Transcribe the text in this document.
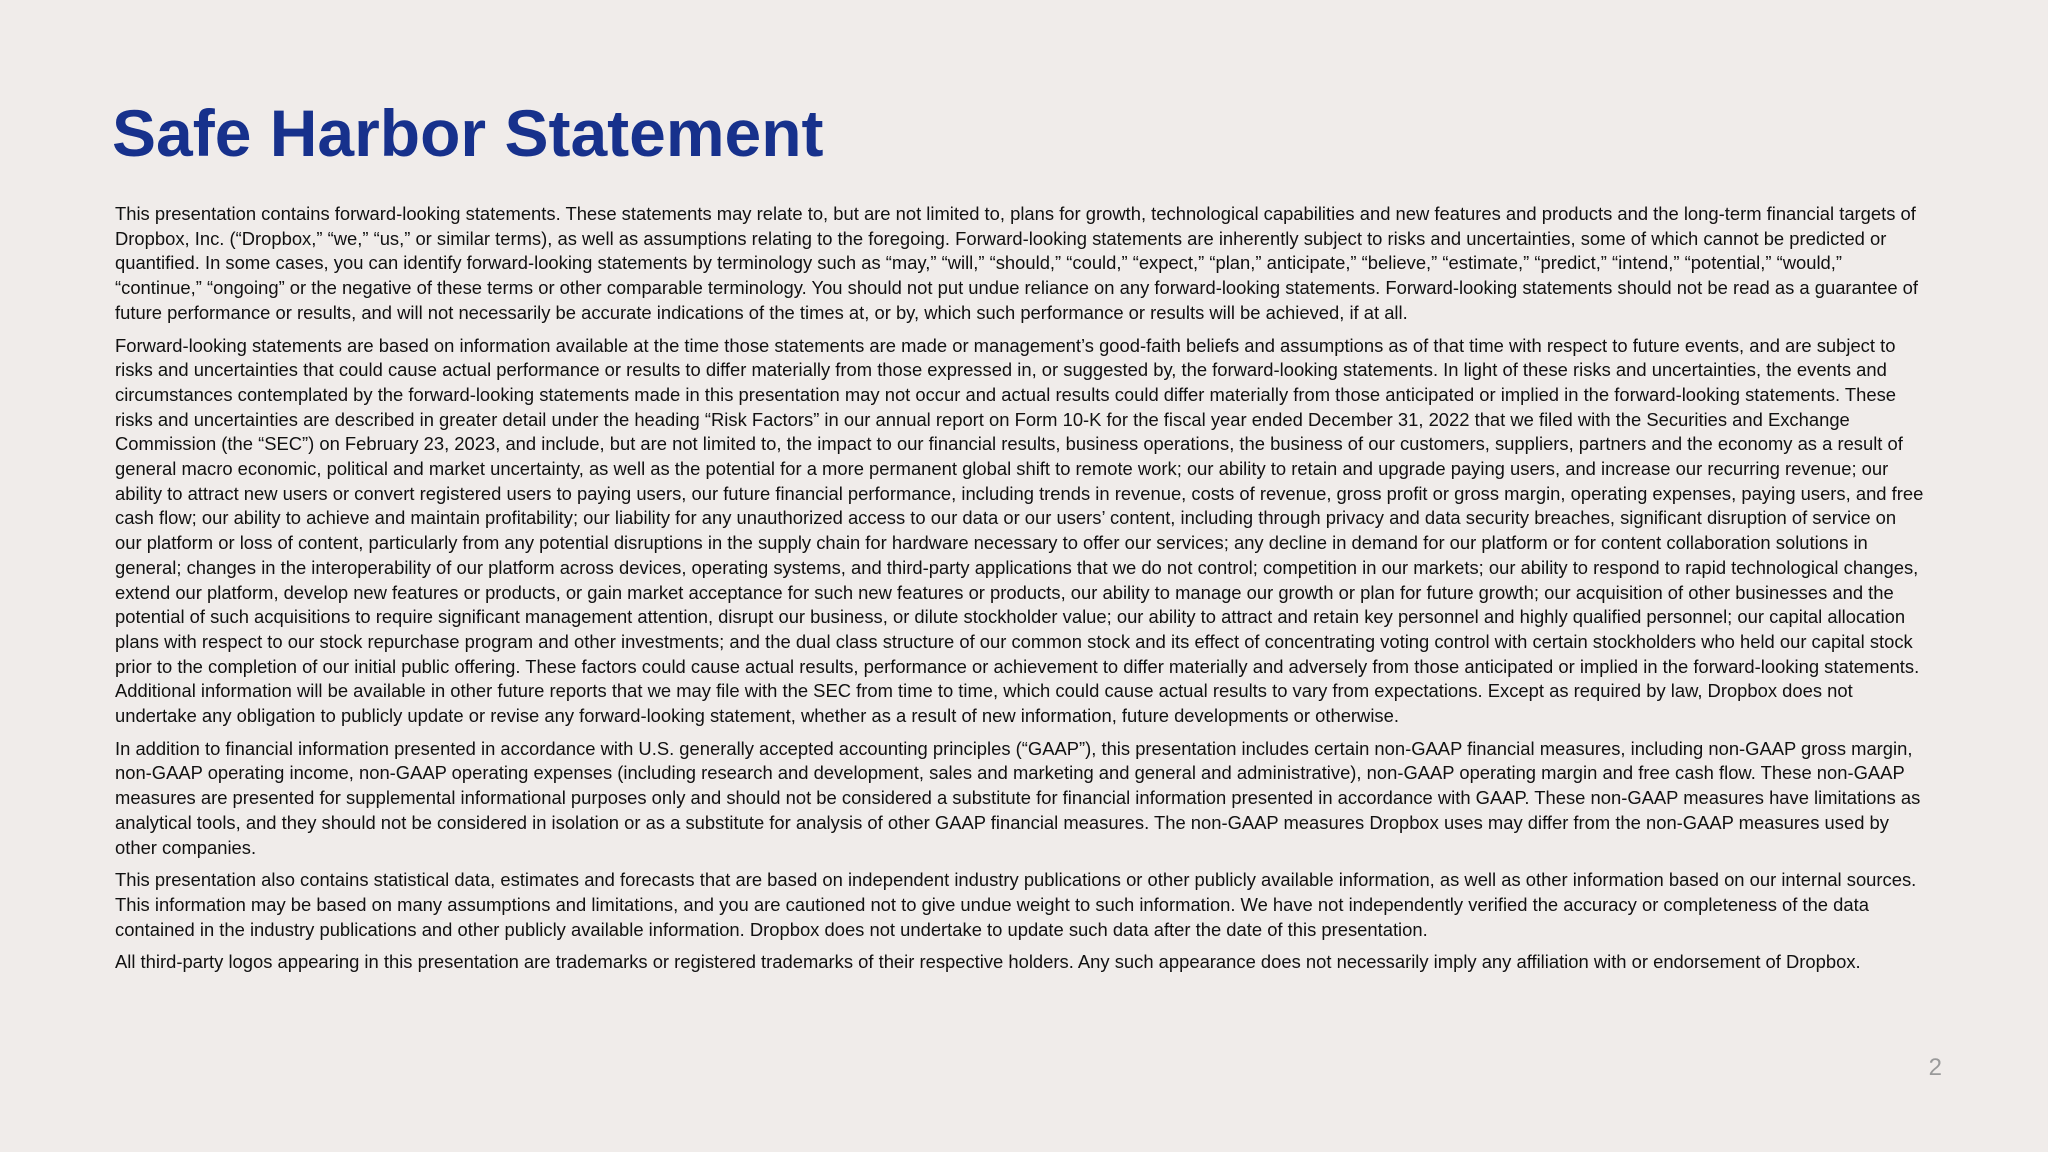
Safe Harbor Statement

This presentation contains forward-looking statements. These statements may relate to, but are not limited to, plans for growth, technological capabilities and new features and products and the long-term financial targets of Dropbox, Inc. (“Dropbox,” “we,” “us,” or similar terms), as well as assumptions relating to the foregoing. Forward-looking statements are inherently subject to risks and uncertainties, some of which cannot be predicted or quantified. In some cases, you can identify forward-looking statements by terminology such as “may,” “will,” “should,” “could,” “expect,” “plan,” anticipate,” “believe,” “estimate,” “predict,” “intend,” “potential,” “would,” “continue,” “ongoing” or the negative of these terms or other comparable terminology. You should not put undue reliance on any forward-looking statements. Forward-looking statements should not be read as a guarantee of future performance or results, and will not necessarily be accurate indications of the times at, or by, which such performance or results will be achieved, if at all.

Forward-looking statements are based on information available at the time those statements are made or management’s good-faith beliefs and assumptions as of that time with respect to future events, and are subject to risks and uncertainties that could cause actual performance or results to differ materially from those expressed in, or suggested by, the forward-looking statements. In light of these risks and uncertainties, the events and circumstances contemplated by the forward-looking statements made in this presentation may not occur and actual results could differ materially from those anticipated or implied in the forward-looking statements. These risks and uncertainties are described in greater detail under the heading “Risk Factors” in our annual report on Form 10-K for the fiscal year ended December 31, 2022 that we filed with the Securities and Exchange Commission (the “SEC”) on February 23, 2023, and include, but are not limited to, the impact to our financial results, business operations, the business of our customers, suppliers, partners and the economy as a result of general macro economic, political and market uncertainty, as well as the potential for a more permanent global shift to remote work; our ability to retain and upgrade paying users, and increase our recurring revenue; our ability to attract new users or convert registered users to paying users, our future financial performance, including trends in revenue, costs of revenue, gross profit or gross margin, operating expenses, paying users, and free cash flow; our ability to achieve and maintain profitability; our liability for any unauthorized access to our data or our users’ content, including through privacy and data security breaches, significant disruption of service on our platform or loss of content, particularly from any potential disruptions in the supply chain for hardware necessary to offer our services; any decline in demand for our platform or for content collaboration solutions in general; changes in the interoperability of our platform across devices, operating systems, and third-party applications that we do not control; competition in our markets; our ability to respond to rapid technological changes, extend our platform, develop new features or products, or gain market acceptance for such new features or products, our ability to manage our growth or plan for future growth; our acquisition of other businesses and the potential of such acquisitions to require significant management attention, disrupt our business, or dilute stockholder value; our ability to attract and retain key personnel and highly qualified personnel; our capital allocation plans with respect to our stock repurchase program and other investments; and the dual class structure of our common stock and its effect of concentrating voting control with certain stockholders who held our capital stock prior to the completion of our initial public offering. These factors could cause actual results, performance or achievement to differ materially and adversely from those anticipated or implied in the forward-looking statements. Additional information will be available in other future reports that we may file with the SEC from time to time, which could cause actual results to vary from expectations. Except as required by law, Dropbox does not undertake any obligation to publicly update or revise any forward-looking statement, whether as a result of new information, future developments or otherwise.

In addition to financial information presented in accordance with U.S. generally accepted accounting principles (“GAAP”), this presentation includes certain non-GAAP financial measures, including non-GAAP gross margin, non-GAAP operating income, non-GAAP operating expenses (including research and development, sales and marketing and general and administrative), non-GAAP operating margin and free cash flow. These non-GAAP measures are presented for supplemental informational purposes only and should not be considered a substitute for financial information presented in accordance with GAAP. These non-GAAP measures have limitations as analytical tools, and they should not be considered in isolation or as a substitute for analysis of other GAAP financial measures. The non-GAAP measures Dropbox uses may differ from the non-GAAP measures used by other companies.

This presentation also contains statistical data, estimates and forecasts that are based on independent industry publications or other publicly available information, as well as other information based on our internal sources. This information may be based on many assumptions and limitations, and you are cautioned not to give undue weight to such information. We have not independently verified the accuracy or completeness of the data contained in the industry publications and other publicly available information. Dropbox does not undertake to update such data after the date of this presentation.

All third-party logos appearing in this presentation are trademarks or registered trademarks of their respective holders. Any such appearance does not necessarily imply any affiliation with or endorsement of Dropbox.

2
